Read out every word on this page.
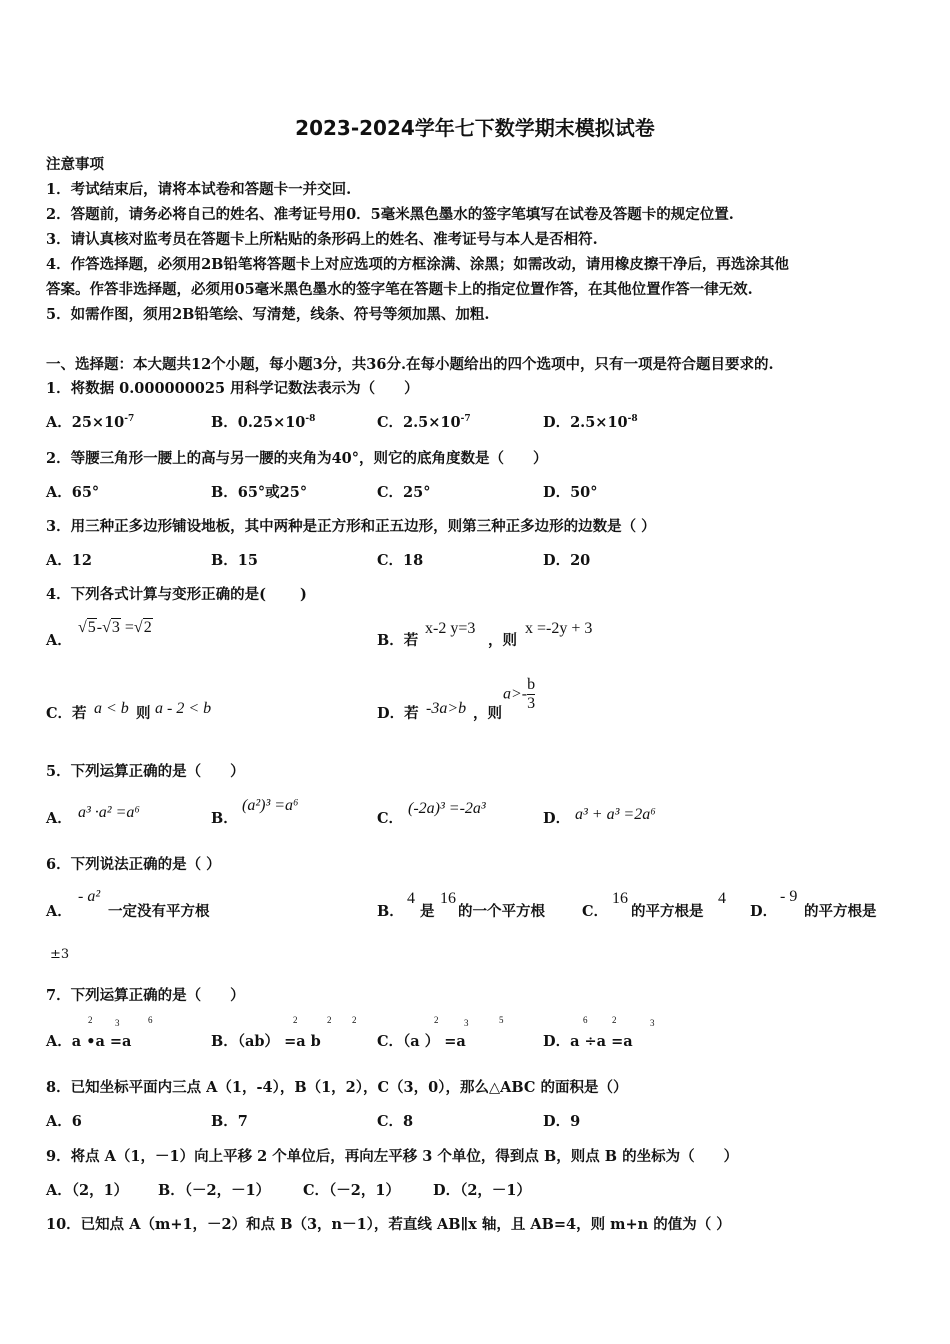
2023-2024学年七下数学期末模拟试卷
注意事项
1．考试结束后，请将本试卷和答题卡一并交回.
2．答题前，请务必将自己的姓名、准考证号用0．5毫米黑色墨水的签字笔填写在试卷及答题卡的规定位置.
3．请认真核对监考员在答题卡上所粘贴的条形码上的姓名、准考证号与本人是否相符.
4．作答选择题，必须用2B铅笔将答题卡上对应选项的方框涂满、涂黑；如需改动，请用橡皮擦干净后，再选涂其他
答案。作答非选择题，必须用05毫米黑色墨水的签字笔在答题卡上的指定位置作答，在其他位置作答一律无效.
5．如需作图，须用2B铅笔绘、写清楚，线条、符号等须加黑、加粗.
一、选择题：本大题共12个小题，每小题3分，共36分.在每小题给出的四个选项中，只有一项是符合题目要求的.
1．将数据 0.000000025 用科学记数法表示为（　　）
A．$25\times 10^{-7}$	B．$0.25\times 10^{-8}$	C．$2.5\times 10^{-7}$	D．$2.5\times 10^{-8}$
2．等腰三角形一腰上的高与另一腰的夹角为40°，则它的底角度数是（　　）
A．65°	B．65°或25°	C．25°	D．50°
3．用三种正多边形铺设地板，其中两种是正方形和正五边形，则第三种正多边形的边数是（ ）
A．12	B．15	C．18	D．20
4．下列各式计算与变形正确的是(　　 )
A．
√5-√3 =√2
B．若
x-2 y=3
，则
x =-2y + 3
C．若 a < b 则 a - 2 < b	D．若 -3a>b ，则
$a>- \frac{b}{3}$
5．下列运算正确的是（　　）
A． a³ ·a² =a⁶	B．
(a²)³ =a⁶
C．
(-2a)³ =-2a³
D． a³ + a³ =2a⁶
6．下列说法正确的是（ ）
A．
- a²
一定没有平方根	B．
4
是
16
的一个平方根	C．
16
的平方根是
4
D．
- 9
的平方根是
±3
7．下列运算正确的是（　　）
A．a •a =a
2	3	6
B．（ab） =a b
2	2 2
C．（a ） =a
2	3	5
D．a ÷a =a
6	2	3
8．已知坐标平面内三点 A（1，-4），B（1，2），C（3，0），那么△ABC 的面积是（）
A．6	B．7	C．8	D．9
9．将点 A（1，－1）向上平移 2 个单位后，再向左平移 3 个单位，得到点 B，则点 B 的坐标为（　　）
A．（2，1） B．（－2，－1） C．（－2，1） D．（2，－1）
10．已知点 A（m+1，－2）和点 B（3，n－1），若直线 AB∥x 轴，且 AB=4，则 m+n 的值为（ ）
